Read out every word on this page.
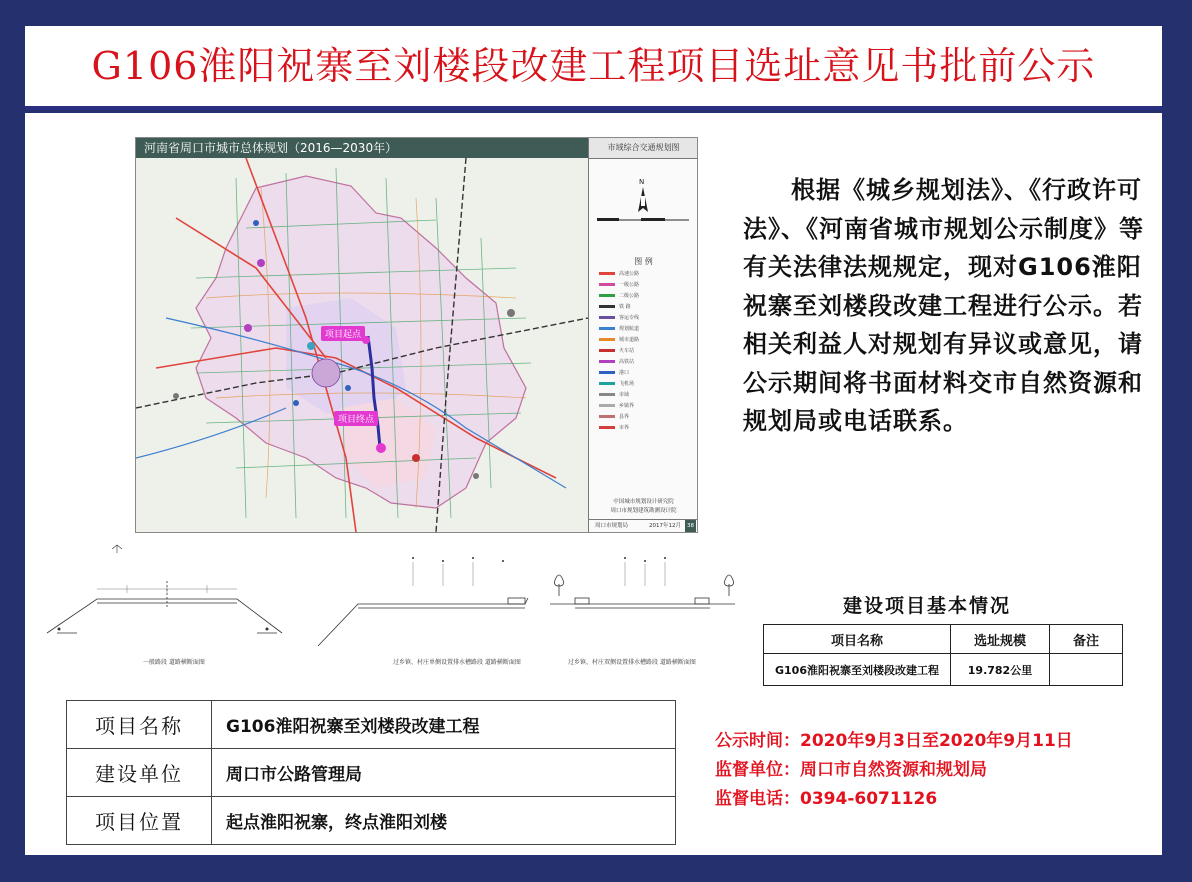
G106淮阳祝寨至刘楼段改建工程项目选址意见书批前公示
河南省周口市城市总体规划（2016—2030年）
项目起点
项目终点
市域综合交通规划图
N
图 例
高速公路
一级公路
二级公路
铁 路
客运专线
规划航道
城市道路
火车站
高铁站
港口
飞机场
市域
乡镇界
县界
市界
中国城市规划设计研究院
周口市规划建筑勘测设计院
周口市规划局	2017年12月	38

根据《城乡规划法》、《行政许可法》、《河南省城市规划公示制度》等有关法律法规规定，现对G106淮阳祝寨至刘楼段改建工程进行公示。若相关利益人对规划有异议或意见，请公示期间将书面材料交市自然资源和规划局或电话联系。

一般路段 道路横断面图	过乡镇、村庄单侧设置排水槽路段 道路横断面图	过乡镇、村庄双侧设置排水槽路段 道路横断面图
建设项目基本情况
项目名称	选址规模	备注
G106淮阳祝寨至刘楼段改建工程	19.782公里	
项目名称	G106淮阳祝寨至刘楼段改建工程
建设单位	周口市公路管理局
项目位置	起点淮阳祝寨，终点淮阳刘楼
公示时间：2020年9月3日至2020年9月11日
监督单位：周口市自然资源和规划局
监督电话：0394-6071126
